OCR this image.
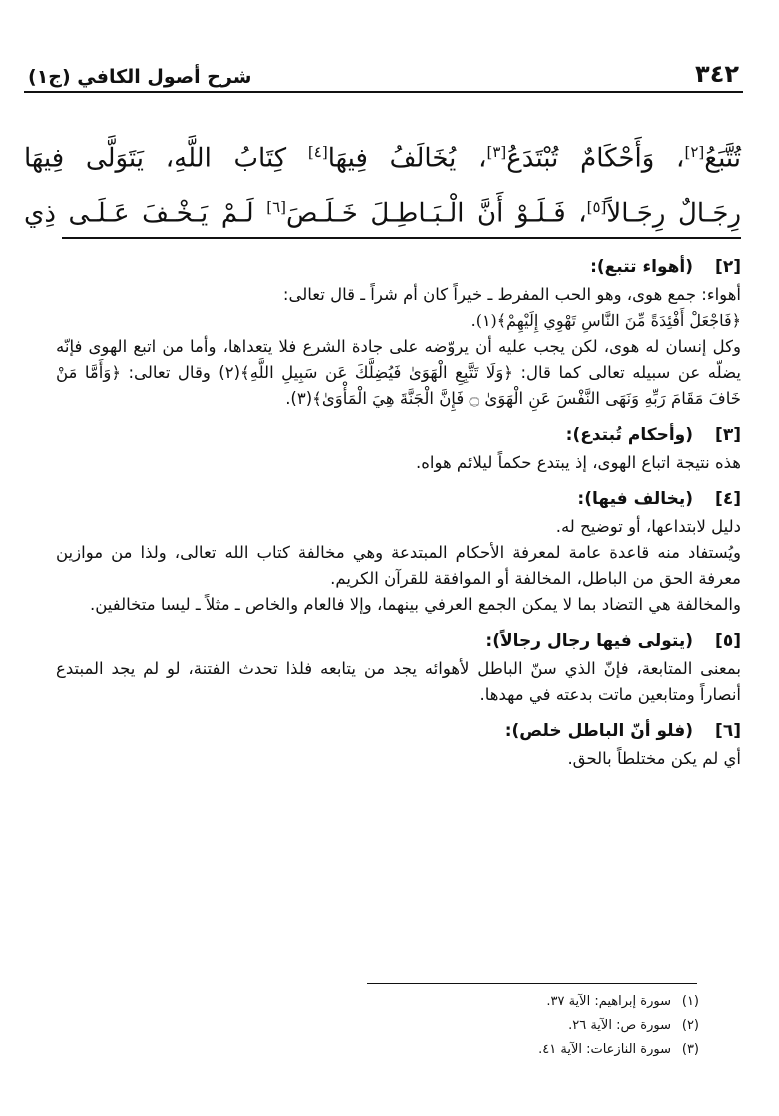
شرح أصول الكافي (ج١)	٣٤٢

تُتَّبَعُ[٢]، وَأَحْكَامٌ تُبْتَدَعُ[٣]، يُخَالَفُ فِيهَا[٤] كِتَابُ اللَّهِ، يَتَوَلَّى فِيهَا

رِجَـالٌ رِجَـالاً[٥]، فَـلَـوْ أَنَّ الْـبَـاطِـلَ خَـلَـصَ[٦] لَـمْ يَـخْـفَ عَـلَـى ذِي

[٢]
(أهواء تتبع):

أهواء: جمع هوى، وهو الحب المفرط ـ خيراً كان أم شراً ـ قال تعالى:

﴿فَاجْعَلْ أَفْئِدَةً مِّنَ النَّاسِ تَهْوِي إِلَيْهِمْ﴾(١).

وكل إنسان له هوى، لكن يجب عليه أن يروّضه على جادة الشرع فلا يتعداها، وأما من اتبع الهوى فإنّه يضلّه عن سبيله تعالى كما قال: ﴿وَلَا تَتَّبِعِ الْهَوَىٰ فَيُضِلَّكَ عَن سَبِيلِ اللَّهِ﴾(٢) وقال تعالى: ﴿وَأَمَّا مَنْ خَافَ مَقَامَ رَبِّهِ وَنَهَى النَّفْسَ عَنِ الْهَوَىٰ ۝ فَإِنَّ الْجَنَّةَ هِيَ الْمَأْوَىٰ﴾(٣).

[٣]
(وأحكام تُبتدع):

هذه نتيجة اتباع الهوى، إذ يبتدع حكماً ليلائم هواه.

[٤]
(يخالف فيها):

دليل لابتداعها، أو توضيح له.

ويُستفاد منه قاعدة عامة لمعرفة الأحكام المبتدعة وهي مخالفة كتاب الله تعالى، ولذا من موازين معرفة الحق من الباطل، المخالفة أو الموافقة للقرآن الكريم.

والمخالفة هي التضاد بما لا يمكن الجمع العرفي بينهما، وإلا فالعام والخاص ـ مثلاً ـ ليسا متخالفين.

[٥]
(يتولى فيها رجال رجالاً):

بمعنى المتابعة، فإنّ الذي سنّ الباطل لأهوائه يجد من يتابعه فلذا تحدث الفتنة، لو لم يجد المبتدع أنصاراً ومتابعين ماتت بدعته في مهدها.

[٦]
(فلو أنّ الباطل خلص):

أي لم يكن مختلطاً بالحق.

(١)
سورة إبراهيم: الآية ٣٧.
(٢)
سورة ص: الآية ٢٦.
(٣)
سورة النازعات: الآية ٤١.
